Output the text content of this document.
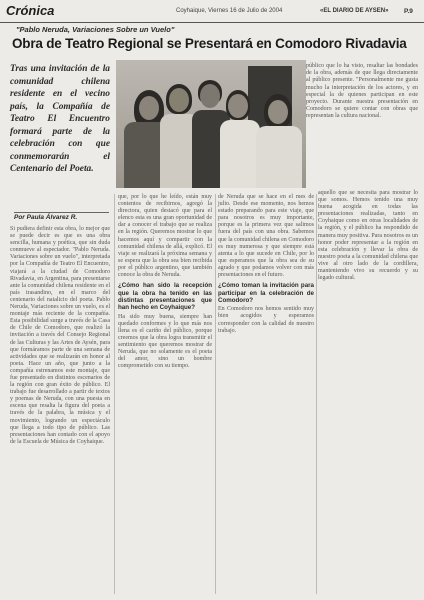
Crónica	Coyhaique, Viernes 16 de Julio de 2004	«EL DIARIO DE AYSEN» P.9
"Pablo Neruda, Variaciones Sobre un Vuelo"
Obra de Teatro Regional se Presentará en Comodoro Rivadavia
Tras una invitación de la comunidad chilena residente en el vecino país, la Compañía de Teatro El Encuentro formará parte de la celebración con que conmemorarán el Centenario del Poeta.
Por Paula Álvarez R.
público que lo ha visto, resaltar las bondades de la obra, además de que llega directamente al público presente. "Personalmente me gusta mucho la interpretación de los actores, y en especial la de quienes participan en este proyecto. Durante nuestra presentación en Comodoro se quiere contar con obras que representan la cultura nacional.
Si pudiera definir esta obra, lo mejor que se puede decir es que es una obra sencilla, humana y poética, que sin duda conmueve al espectador. "Pablo Neruda. Variaciones sobre un vuelo", interpretada por la Compañía de Teatro El Encuentro, viajará a la ciudad de Comodoro Rivadavia, en Argentina, para presentarse ante la comunidad chilena residente en el país trasandino, en el marco del centenario del natalicio del poeta. Pablo Neruda, Variaciones sobre un vuelo, es el montaje más reciente de la compañía. Esta posibilidad surge a través de la Casa de Chile de Comodoro, que realizó la invitación a través del Consejo Regional de las Culturas y las Artes de Aysén, para que formáramos parte de una semana de actividades que se realizarán en honor al poeta. Hace un año, que junto a la compañía estrenamos este montaje, que fue presentado en distintos escenarios de la región con gran éxito de público. El trabajo fue desarrollado a partir de textos y poemas de Neruda, con una puesta en escena que resalta la figura del poeta a través de la palabra, la música y el movimiento, logrando un espectáculo que llega a todo tipo de público. Las presentaciones han contado con el apoyo de la Escuela de Música de Coyhaique.
que, por lo que he leído, están muy contentos de recibirnos, agregó la directora, quien destacó que para el elenco esta es una gran oportunidad de dar a conocer el trabajo que se realiza en la región. Queremos mostrar lo que hacemos aquí y compartir con la comunidad chilena de allá, explicó. El viaje se realizará la próxima semana y se espera que la obra sea bien recibida por el público argentino, que también conoce la obra de Neruda.
¿Cómo han sido la recepción que la obra ha tenido en las distintas presentaciones que han hecho en Coyhaique?
Ha sido muy buena, siempre han quedado conformes y lo que más nos llena es el cariño del público, porque creemos que la obra logra transmitir el sentimiento que queremos mostrar de Neruda, que no solamente es el poeta del amor, sino un hombre comprometido con su tiempo.
de Neruda que se hace en el mes de julio. Desde ese momento, nos hemos estado preparando para este viaje, que para nosotros es muy importante, porque es la primera vez que salimos fuera del país con una obra. Sabemos que la comunidad chilena en Comodoro es muy numerosa y que siempre está atenta a lo que sucede en Chile, por lo que esperamos que la obra sea de su agrado y que podamos volver con más presentaciones en el futuro.
¿Cómo toman la invitación para participar en la celebración de Comodoro?
En Comodoro nos hemos sentido muy bien acogidos y esperamos corresponder con la calidad de nuestro trabajo.
aquello que se necesita para mostrar lo que somos. Hemos tenido una muy buena acogida en todas las presentaciones realizadas, tanto en Coyhaique como en otras localidades de la región, y el público ha respondido de manera muy positiva. Para nosotros es un honor poder representar a la región en esta celebración y llevar la obra de nuestro poeta a la comunidad chilena que vive al otro lado de la cordillera, manteniendo vivo su recuerdo y su legado cultural.
